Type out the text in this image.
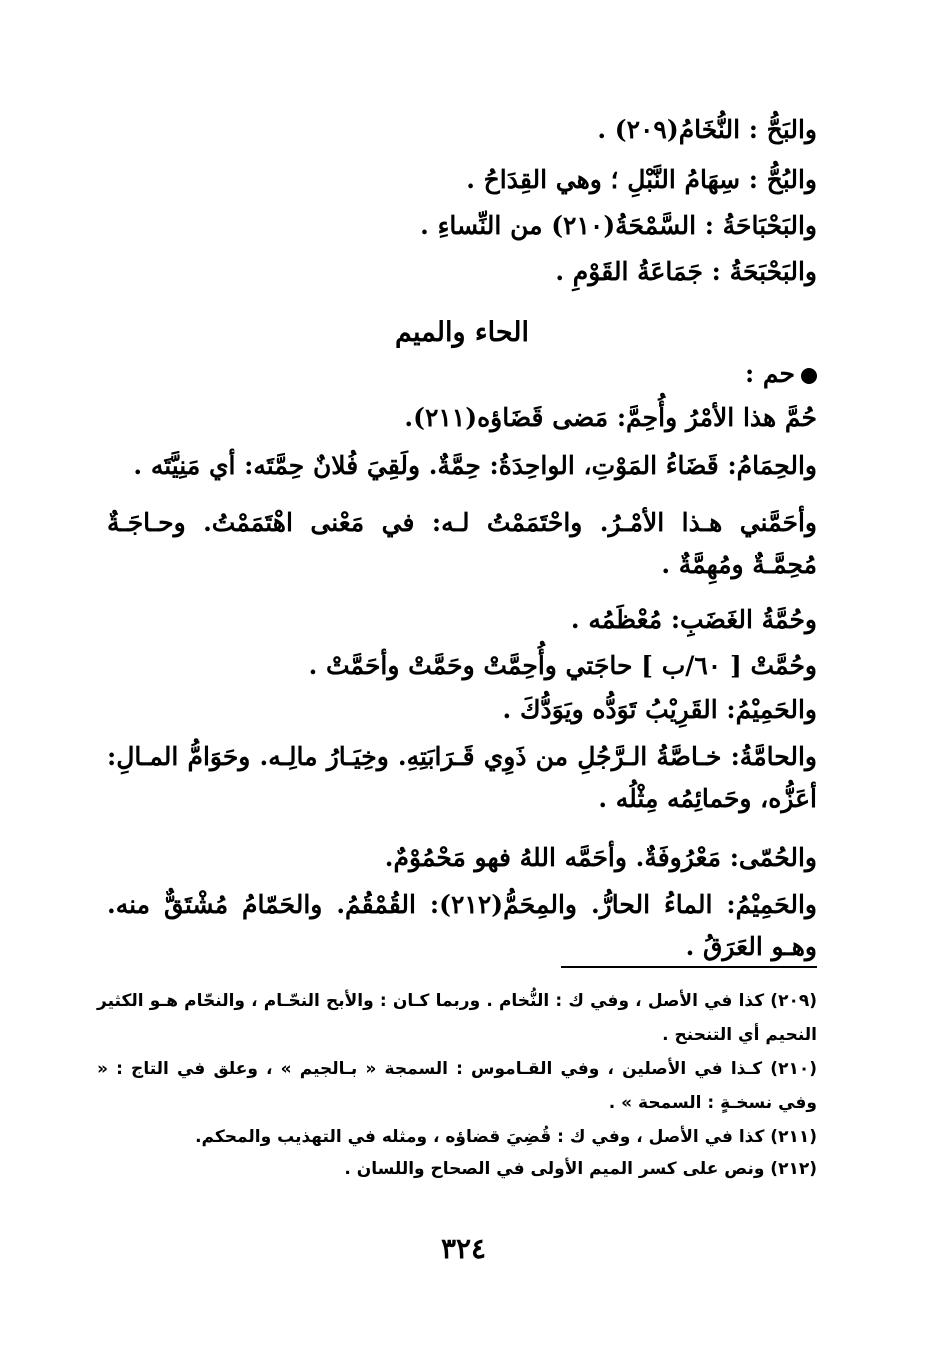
والبَحُّ : النُّخَامُ(٢٠٩) .
والبُحُّ : سِهَامُ النَّبْلِ ؛ وهي القِدَاحُ .
والبَحْبَاحَةُ : السَّمْحَةُ(٢١٠) من النِّساءِ .
والبَحْبَحَةُ : جَمَاعَةُ القَوْمِ .
الحاء والميم
حم :
حُمَّ هذا الأمْرُ وأُحِمَّ: مَضى قَضَاؤه(٢١١).
والحِمَامُ: قَضَاءُ المَوْتِ، الواحِدَةُ: حِمَّةٌ. ولَقِيَ فُلانٌ حِمَّتَه: أي مَنِيَّتَه .
وأحَمَّني هـذا الأمْـرُ. واحْتَمَمْتُ لـه: في مَعْنى اهْتَمَمْتُ. وحـاجَـةٌ مُحِمَّـةٌ ومُهِمَّةٌ .
وحُمَّةُ الغَضَبِ: مُعْظَمُه .
وحُمَّتْ [ ٦٠/ب ] حاجَتي وأُحِمَّتْ وحَمَّتْ وأحَمَّتْ .
والحَمِيْمُ: القَرِيْبُ تَوَدُّه ويَوَدُّكَ .
والحامَّةُ: خـاصَّةُ الـرَّجُلِ من ذَوِي قَـرَابَتِهِ. وخِيَـارُ مالِـه. وحَوَامُّ المـالِ: أعَزُّه، وحَمائِمُه مِثْلُه .
والحُمّى: مَعْرُوفَةٌ. وأحَمَّه اللهُ فهو مَحْمُوْمٌ.
والحَمِيْمُ: الماءُ الحارُّ. والمِحَمُّ(٢١٢): القُمْقُمُ. والحَمّامُ مُشْتَقٌّ منه. وهـو العَرَقُ .
(٢٠٩) كذا في الأصل ، وفي ك : النُّخام . وربما كـان : والأبح النحّـام ، والنحّام هـو الكثير النحيم أي التنحنح .
(٢١٠) كـذا في الأصلين ، وفي القـاموس : السمجة « بـالجيم » ، وعلق في التاج : « وفي نسخـةٍ : السمحة » .
(٢١١) كذا في الأصل ، وفي ك : قُضِيَ قضاؤه ، ومثله في التهذيب والمحكم.
(٢١٢) ونص على كسر الميم الأولى في الصحاح واللسان .
٣٢٤
